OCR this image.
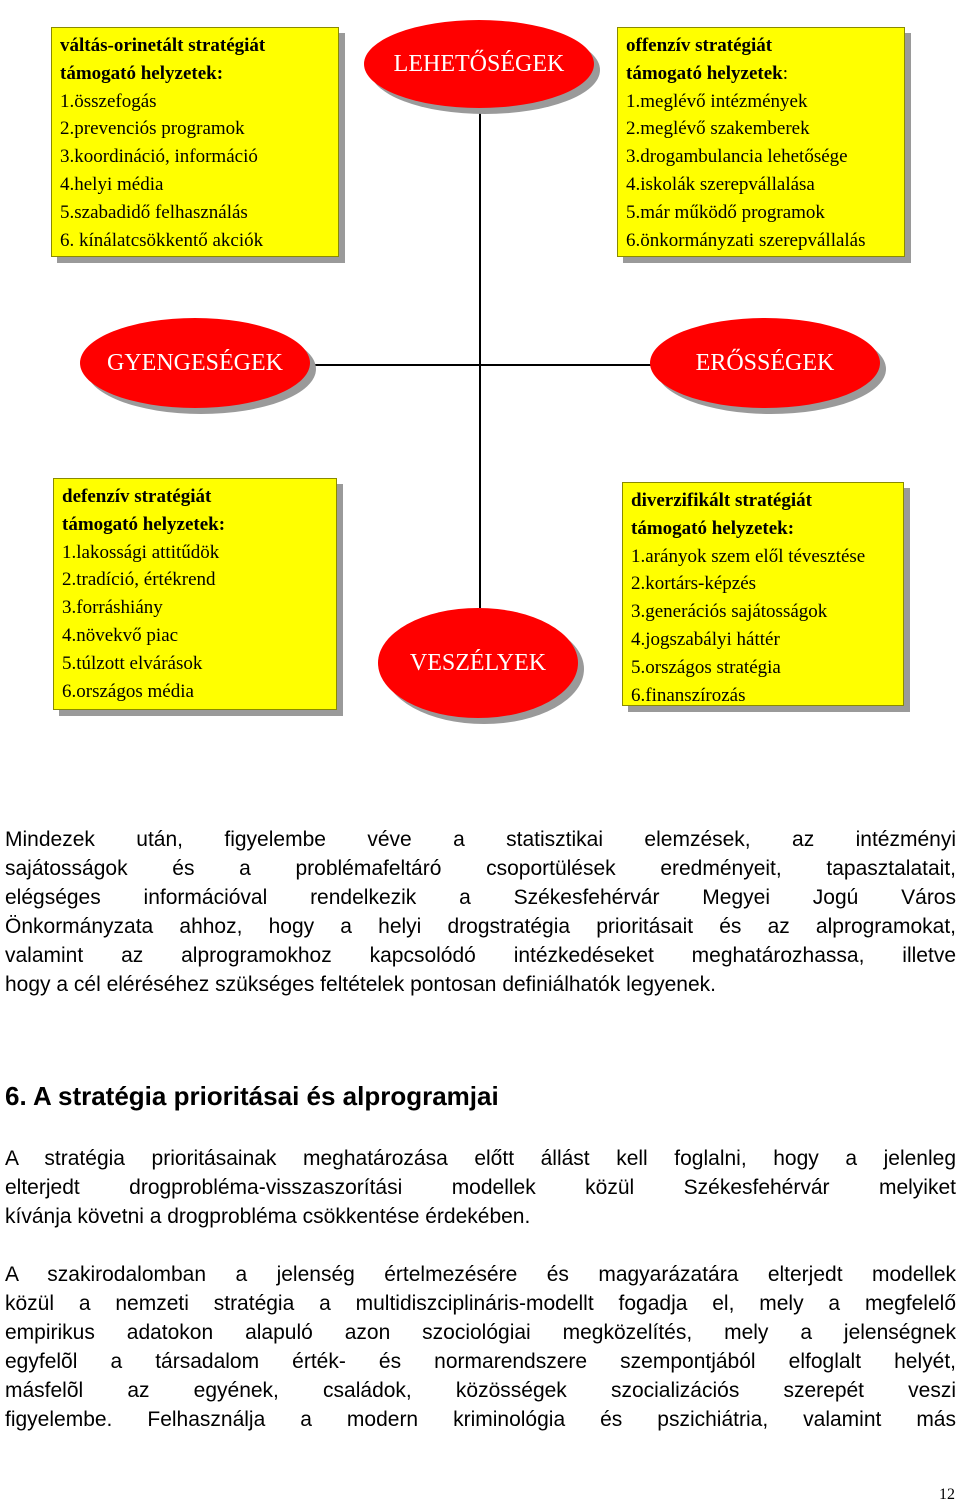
váltás-orinetált stratégiát
támogató helyzetek:
1.összefogás
2.prevenciós programok
3.koordináció, információ
4.helyi média
5.szabadidő felhasználás
6. kínálatcsökkentő akciók
offenzív stratégiát
támogató helyzetek:
1.meglévő intézmények
2.meglévő szakemberek
3.drogambulancia lehetősége
4.iskolák szerepvállalása
5.már működő programok
6.önkormányzati szerepvállalás
defenzív stratégiát
támogató helyzetek:
1.lakossági attitűdök
2.tradíció, értékrend
3.forráshiány
4.növekvő piac
5.túlzott elvárások
6.országos média
diverzifikált stratégiát
támogató helyzetek:
1.arányok szem elől tévesztése
2.kortárs-képzés
3.generációs sajátosságok
4.jogszabályi háttér
5.országos stratégia
6.finanszírozás
LEHETŐSÉGEK
GYENGESÉGEK	ERŐSSÉGEK
VESZÉLYEK

Mindezek után, figyelembe véve a statisztikai elemzések, az intézményi

sajátosságok és a problémafeltáró csoportülések eredményeit, tapasztalatait,

elégséges információval rendelkezik a Székesfehérvár Megyei Jogú Város

Önkormányzata ahhoz, hogy a helyi drogstratégia prioritásait és az alprogramokat,

valamint az alprogramokhoz kapcsolódó intézkedéseket meghatározhassa, illetve

hogy a cél eléréséhez szükséges feltételek pontosan definiálhatók legyenek.

6. A stratégia prioritásai és alprogramjai

A stratégia prioritásainak meghatározása előtt állást kell foglalni, hogy a jelenleg

elterjedt drogprobléma-visszaszorítási modellek közül Székesfehérvár melyiket

kívánja követni a drogprobléma csökkentése érdekében.

A szakirodalomban a jelenség értelmezésére és magyarázatára elterjedt modellek

közül a nemzeti stratégia a multidiszciplináris-modellt fogadja el, mely a megfelelő

empirikus adatokon alapuló azon szociológiai megközelítés, mely a jelenségnek

egyfelõl a társadalom érték- és normarendszere szempontjából elfoglalt helyét,

másfelõl az egyének, családok, közösségek szocializációs szerepét veszi

figyelembe. Felhasználja a modern kriminológia és pszichiátria, valamint más

12
